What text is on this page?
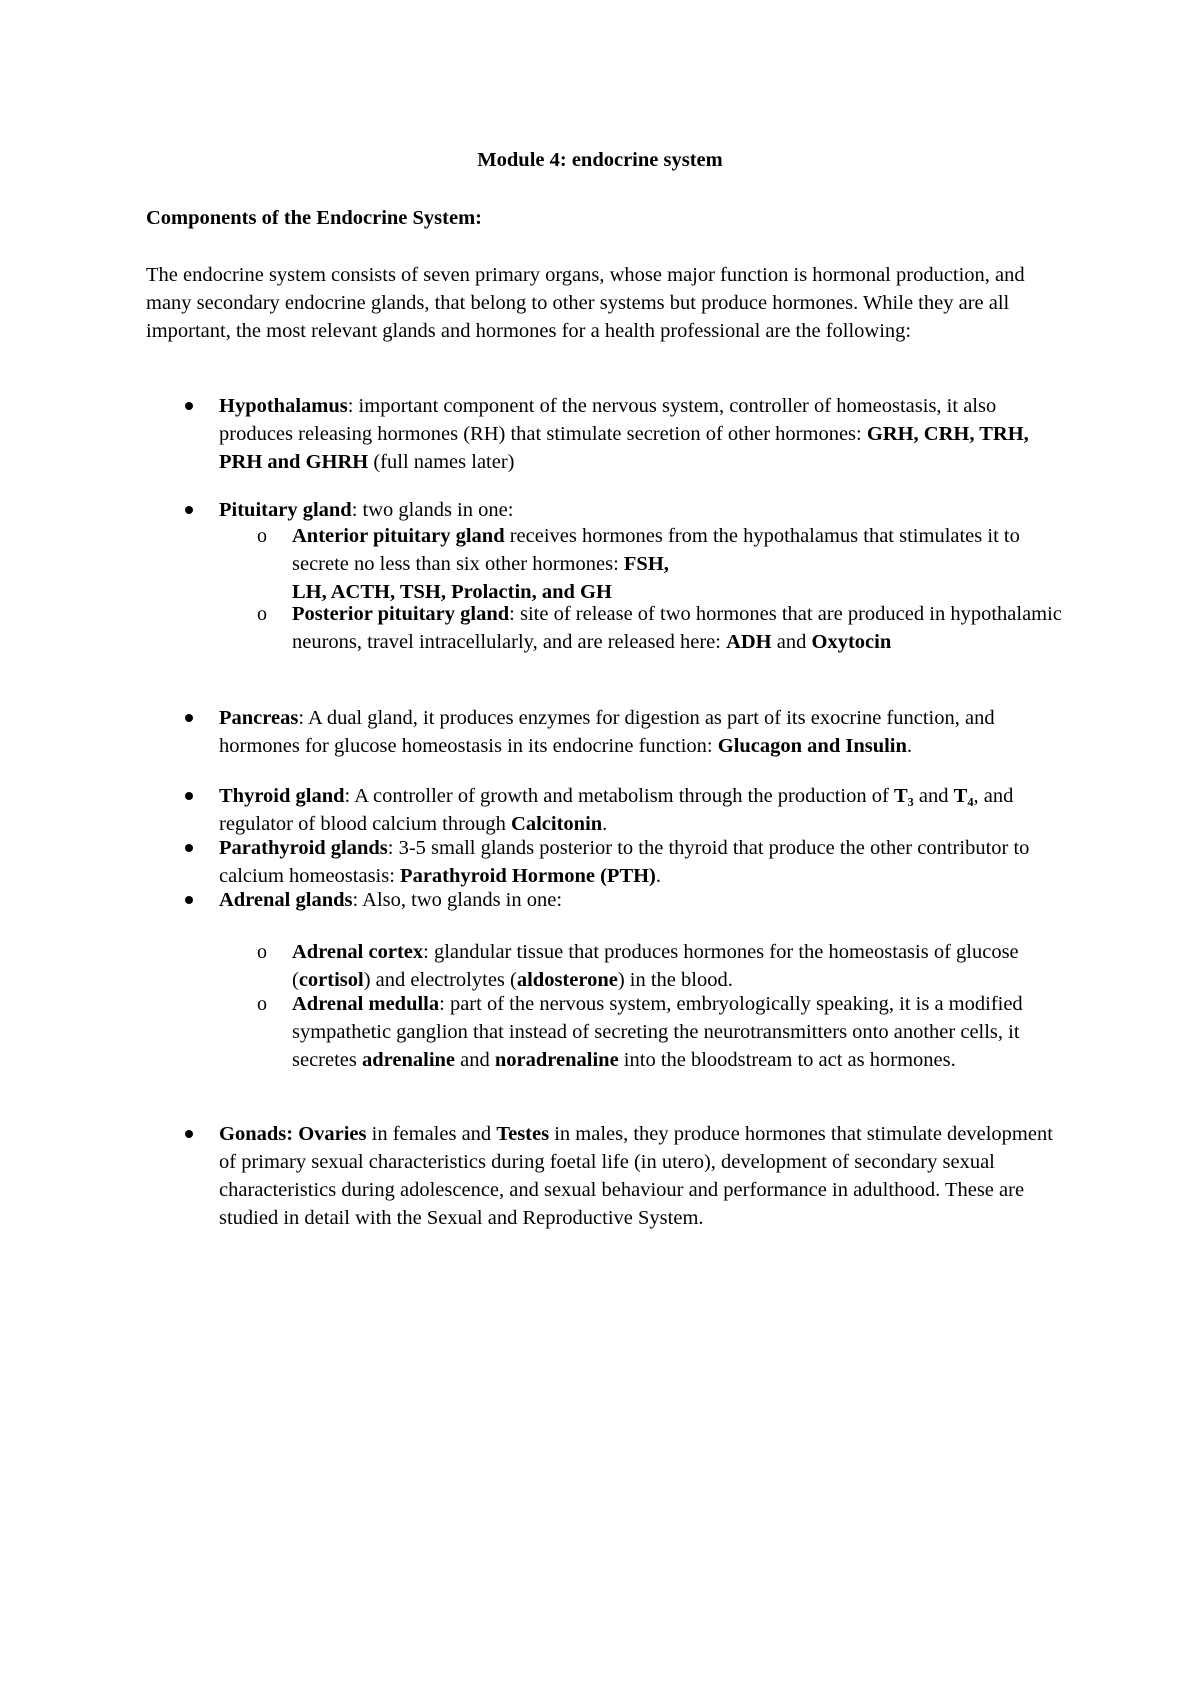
Module 4: endocrine system
Components of the Endocrine System:

The endocrine system consists of seven primary organs, whose major function is hormonal production, and many secondary endocrine glands, that belong to other systems but produce hormones. While they are all important, the most relevant glands and hormones for a health professional are the following:

Hypothalamus: important component of the nervous system, controller of homeostasis, it also produces releasing hormones (RH) that stimulate secretion of other hormones: GRH, CRH, TRH, PRH and GHRH (full names later)

Pituitary gland: two glands in one:

o Anterior pituitary gland receives hormones from the hypothalamus that stimulates it to secrete no less than six other hormones: FSH,
LH, ACTH, TSH, Prolactin, and GH

o Posterior pituitary gland: site of release of two hormones that are produced in hypothalamic neurons, travel intracellularly, and are released here: ADH and Oxytocin

Pancreas: A dual gland, it produces enzymes for digestion as part of its exocrine function, and hormones for glucose homeostasis in its endocrine function: Glucagon and Insulin.

Thyroid gland: A controller of growth and metabolism through the production of T₃ and T₄, and regulator of blood calcium through Calcitonin.

Parathyroid glands: 3-5 small glands posterior to the thyroid that produce the other contributor to calcium homeostasis: Parathyroid Hormone (PTH).

Adrenal glands: Also, two glands in one:

o Adrenal cortex: glandular tissue that produces hormones for the homeostasis of glucose (cortisol) and electrolytes (aldosterone) in the blood.

o Adrenal medulla: part of the nervous system, embryologically speaking, it is a modified sympathetic ganglion that instead of secreting the neurotransmitters onto another cells, it
secretes adrenaline and noradrenaline into the bloodstream to act as hormones.

Gonads: Ovaries in females and Testes in males, they produce hormones that stimulate development of primary sexual characteristics during foetal life (in utero), development of secondary sexual characteristics during adolescence, and sexual behaviour and performance in adulthood. These are studied in detail with the Sexual and Reproductive System.
